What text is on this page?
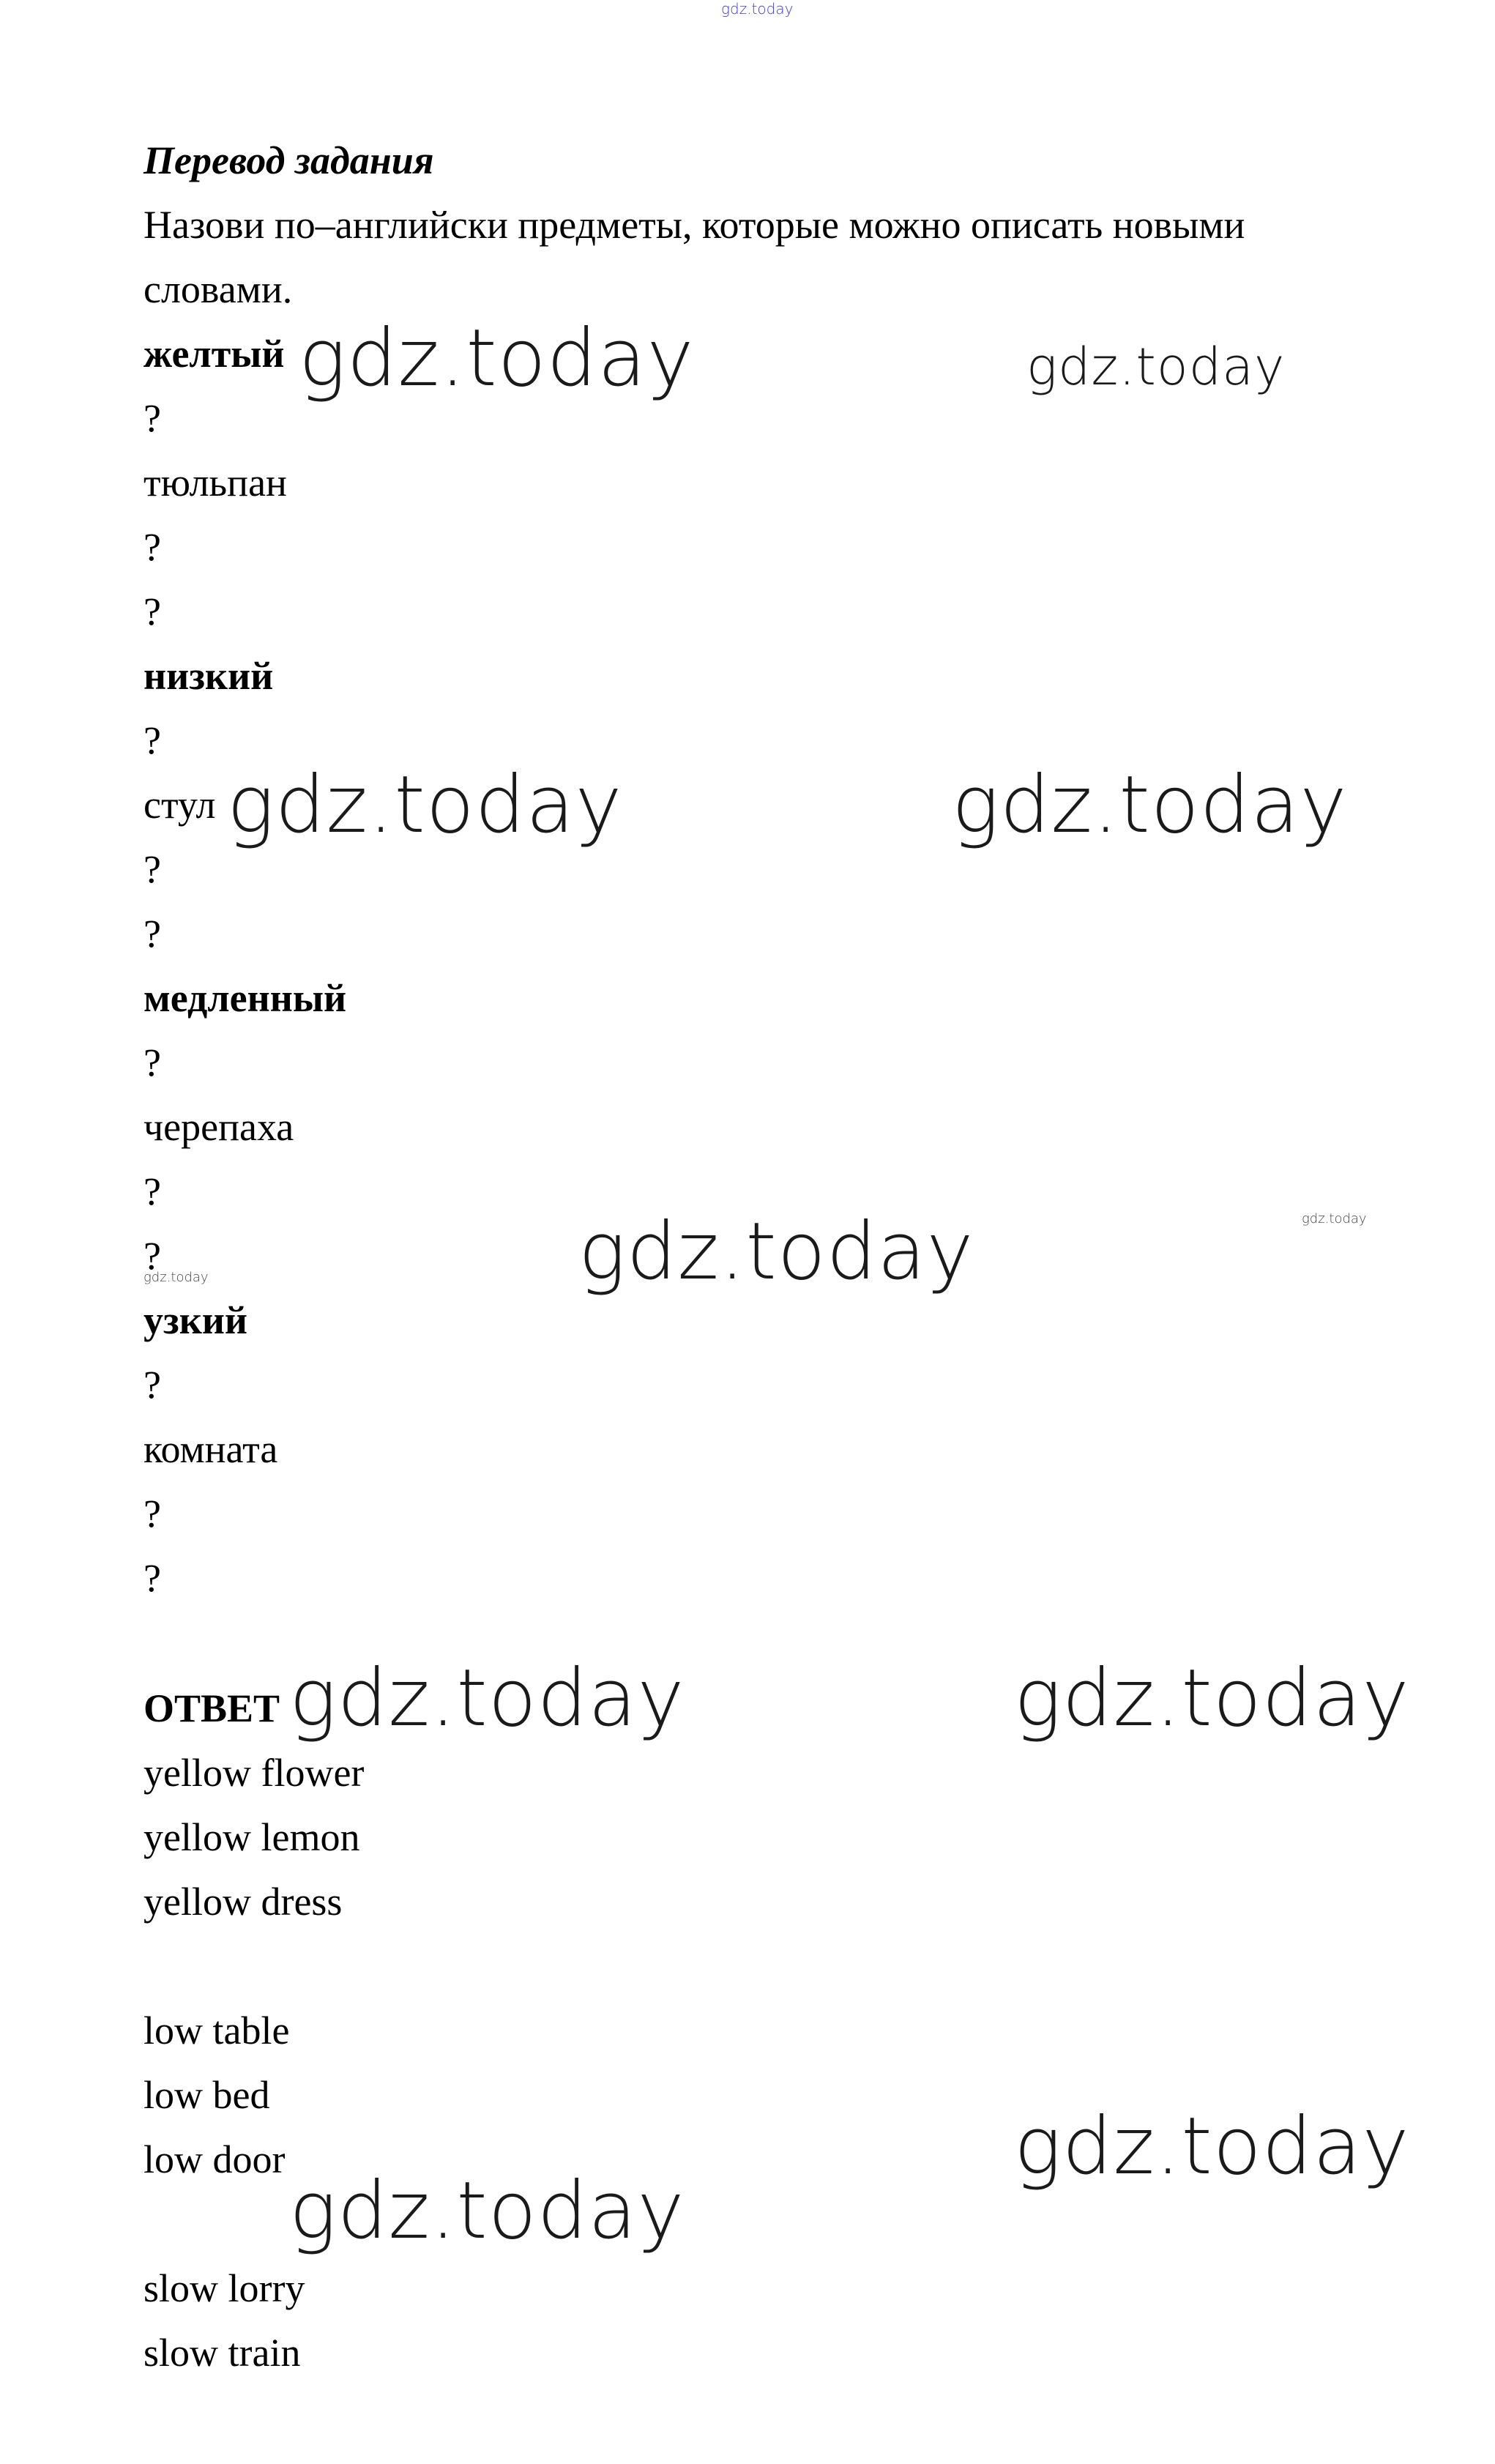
gdz.today
Перевод задания
Назови по–английски предметы, которые можно описать новыми
словами.
желтый
?
тюльпан
?
?
низкий
?
стул
?
?
медленный
?
черепаха
?
?
узкий
?
комната
?
?
ОТВЕТ
yellow flower
yellow lemon
yellow dress
low table
low bed
low door
slow lorry
slow train
gdz.today	gdz.today
gdz.today	gdz.today
gdz.today	gdz.today
gdz.today
gdz.today	gdz.today
gdz.today
gdz.today
